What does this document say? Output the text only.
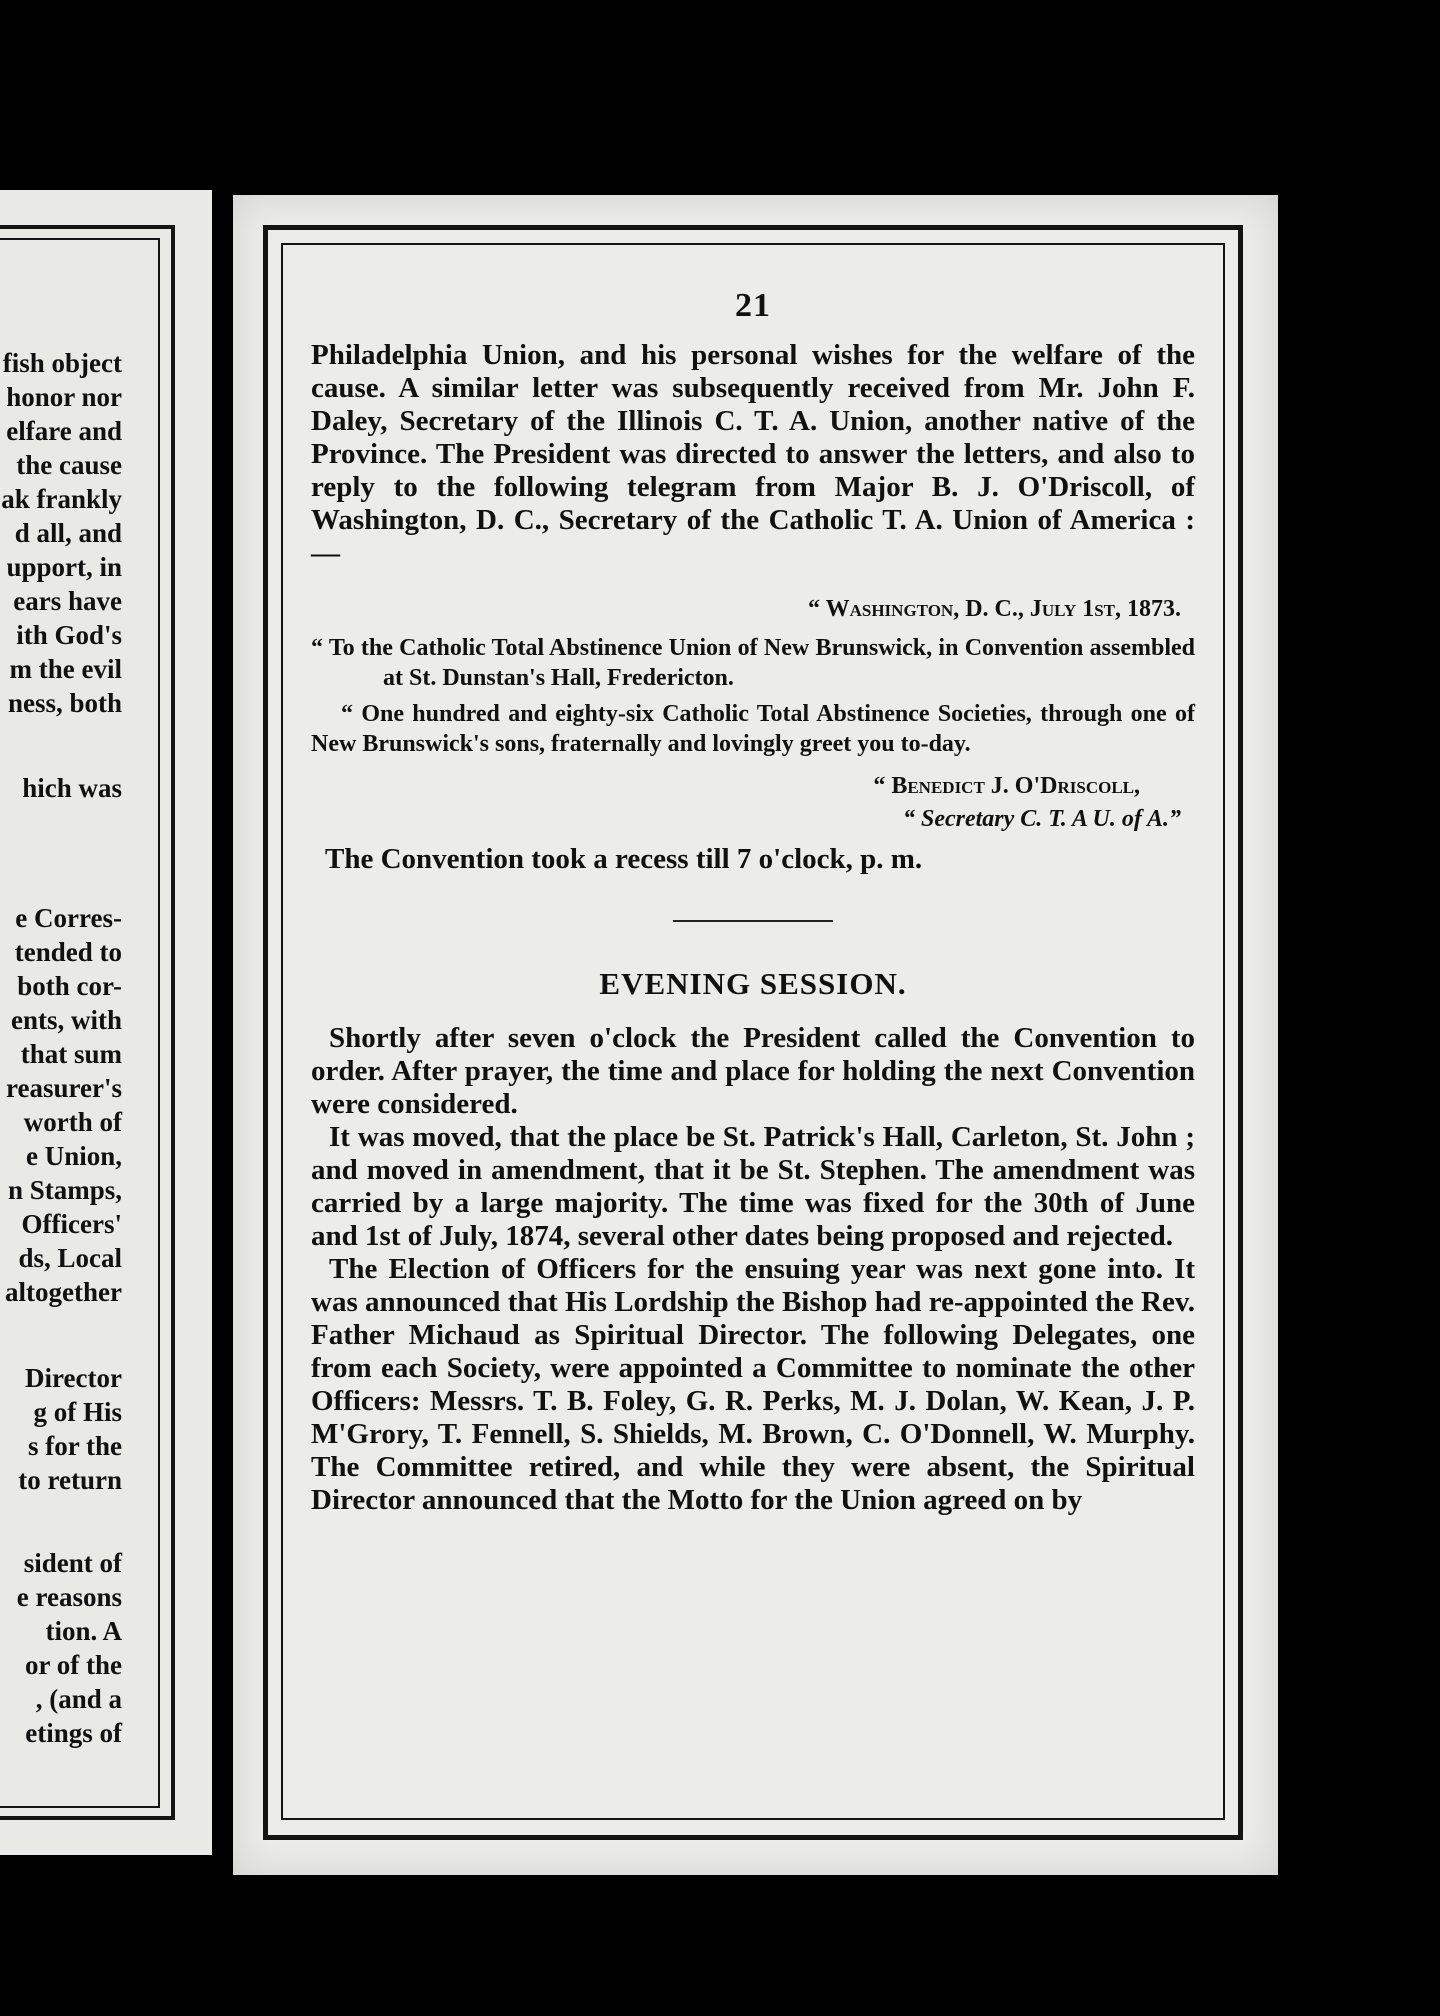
fish object
honor nor
elfare and
the cause
ak frankly
d all, and
upport, in
ears have
ith God's
m the evil
ness, both
hich was
e Corres-
tended to
both cor-
ents, with
that sum
reasurer's
worth of
e Union,
n Stamps,
Officers'
ds, Local
altogether
Director
g of His
s for the
to return
sident of
e reasons
tion. A
or of the
, (and a
etings of
21

Philadelphia Union, and his personal wishes for the welfare of the cause. A similar letter was subsequently received from Mr. John F. Daley, Secretary of the Illinois C. T. A. Union, another native of the Province. The President was directed to answer the letters, and also to reply to the following telegram from Major B. J. O'Driscoll, of Washington, D. C., Secretary of the Catholic T. A. Union of America :—

“ Washington, D. C., July 1st, 1873.

“ To the Catholic Total Abstinence Union of New Brunswick, in Convention assembled at St. Dunstan's Hall, Fredericton.

“ One hundred and eighty-six Catholic Total Abstinence Societies, through one of New Brunswick's sons, fraternally and lovingly greet you to-day.

“ Benedict J. O'Driscoll,
“ Secretary C. T. A U. of A.”

The Convention took a recess till 7 o'clock, p. m.

EVENING SESSION.

Shortly after seven o'clock the President called the Convention to order. After prayer, the time and place for holding the next Convention were considered.

It was moved, that the place be St. Patrick's Hall, Carleton, St. John ; and moved in amendment, that it be St. Stephen. The amendment was carried by a large majority. The time was fixed for the 30th of June and 1st of July, 1874, several other dates being proposed and rejected.

The Election of Officers for the ensuing year was next gone into. It was announced that His Lordship the Bishop had re-appointed the Rev. Father Michaud as Spiritual Director. The following Delegates, one from each Society, were appointed a Committee to nominate the other Officers: Messrs. T. B. Foley, G. R. Perks, M. J. Dolan, W. Kean, J. P. M'Grory, T. Fennell, S. Shields, M. Brown, C. O'Donnell, W. Murphy. The Committee retired, and while they were absent, the Spiritual Director announced that the Motto for the Union agreed on by
